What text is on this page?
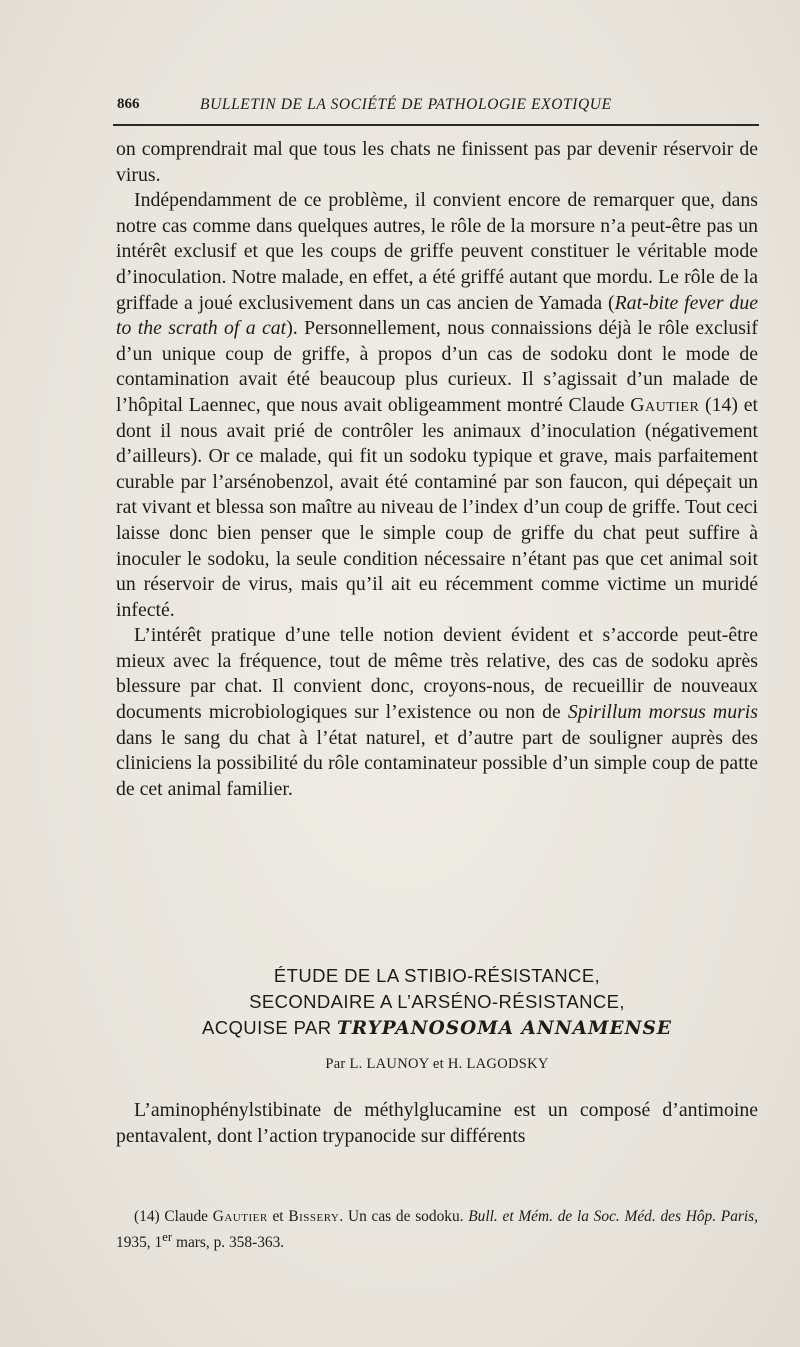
866	BULLETIN DE LA SOCIÉTÉ DE PATHOLOGIE EXOTIQUE

on comprendrait mal que tous les chats ne finissent pas par devenir réservoir de virus.

Indépendamment de ce problème, il convient encore de remarquer que, dans notre cas comme dans quelques autres, le rôle de la morsure n’a peut-être pas un intérêt exclusif et que les coups de griffe peuvent constituer le véritable mode d’inoculation. Notre malade, en effet, a été griffé autant que mordu. Le rôle de la griffade a joué exclusivement dans un cas ancien de Yamada (Rat-bite fever due to the scrath of a cat). Personnellement, nous connaissions déjà le rôle exclusif d’un unique coup de griffe, à propos d’un cas de sodoku dont le mode de contamination avait été beaucoup plus curieux. Il s’agissait d’un malade de l’hôpital Laennec, que nous avait obligeamment montré Claude Gautier (14) et dont il nous avait prié de contrôler les animaux d’inoculation (négativement d’ailleurs). Or ce malade, qui fit un sodoku typique et grave, mais parfaitement curable par l’arsénobenzol, avait été contaminé par son faucon, qui dépeçait un rat vivant et blessa son maître au niveau de l’index d’un coup de griffe. Tout ceci laisse donc bien penser que le simple coup de griffe du chat peut suffire à inoculer le sodoku, la seule condition nécessaire n’étant pas que cet animal soit un réservoir de virus, mais qu’il ait eu récemment comme victime un muridé infecté.

L’intérêt pratique d’une telle notion devient évident et s’accorde peut-être mieux avec la fréquence, tout de même très relative, des cas de sodoku après blessure par chat. Il convient donc, croyons-nous, de recueillir de nouveaux documents microbiologiques sur l’existence ou non de Spirillum morsus muris dans le sang du chat à l’état naturel, et d’autre part de souligner auprès des cliniciens la possibilité du rôle contaminateur possible d’un simple coup de patte de cet animal familier.

ÉTUDE DE LA STIBIO-RÉSISTANCE,
SECONDAIRE A L’ARSÉNO-RÉSISTANCE,
ACQUISE PAR TRYPANOSOMA ANNAMENSE
Par L. LAUNOY et H. LAGODSKY

L’aminophénylstibinate de méthylglucamine est un composé d’antimoine pentavalent, dont l’action trypanocide sur différents

(14) Claude Gautier et Bissery. Un cas de sodoku. Bull. et Mém. de la Soc. Méd. des Hôp. Paris, 1935, 1er mars, p. 358-363.
